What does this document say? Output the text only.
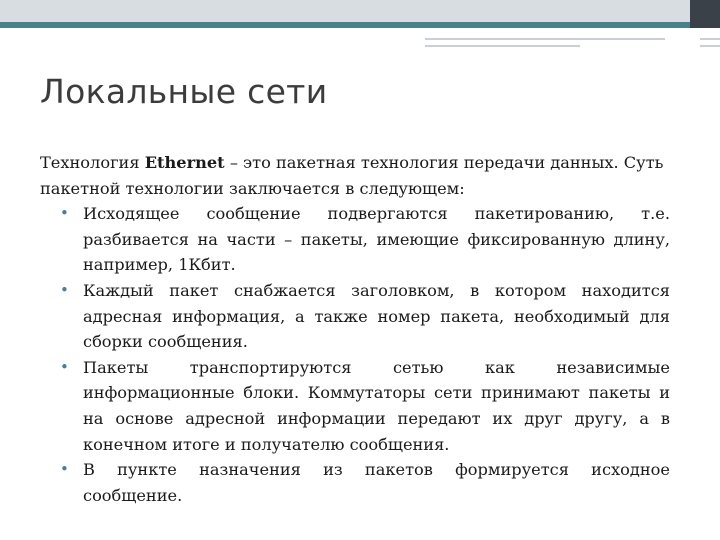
Локальные сети

Технология Ethernet – это пакетная технология передачи данных. Суть пакетной технологии заключается в следующем:

• Исходящее сообщение подвергаются пакетированию, т.е. разбивается на части – пакеты, имеющие фиксированную длину, например, 1Кбит.
• Каждый пакет снабжается заголовком, в котором находится адресная информация, а также номер пакета, необходимый для сборки сообщения.
• Пакеты транспортируются сетью как независимые информационные блоки. Коммутаторы сети принимают пакеты и на основе адресной информации передают их друг другу, а в конечном итоге и получателю сообщения.
• В пункте назначения из пакетов формируется исходное сообщение.
